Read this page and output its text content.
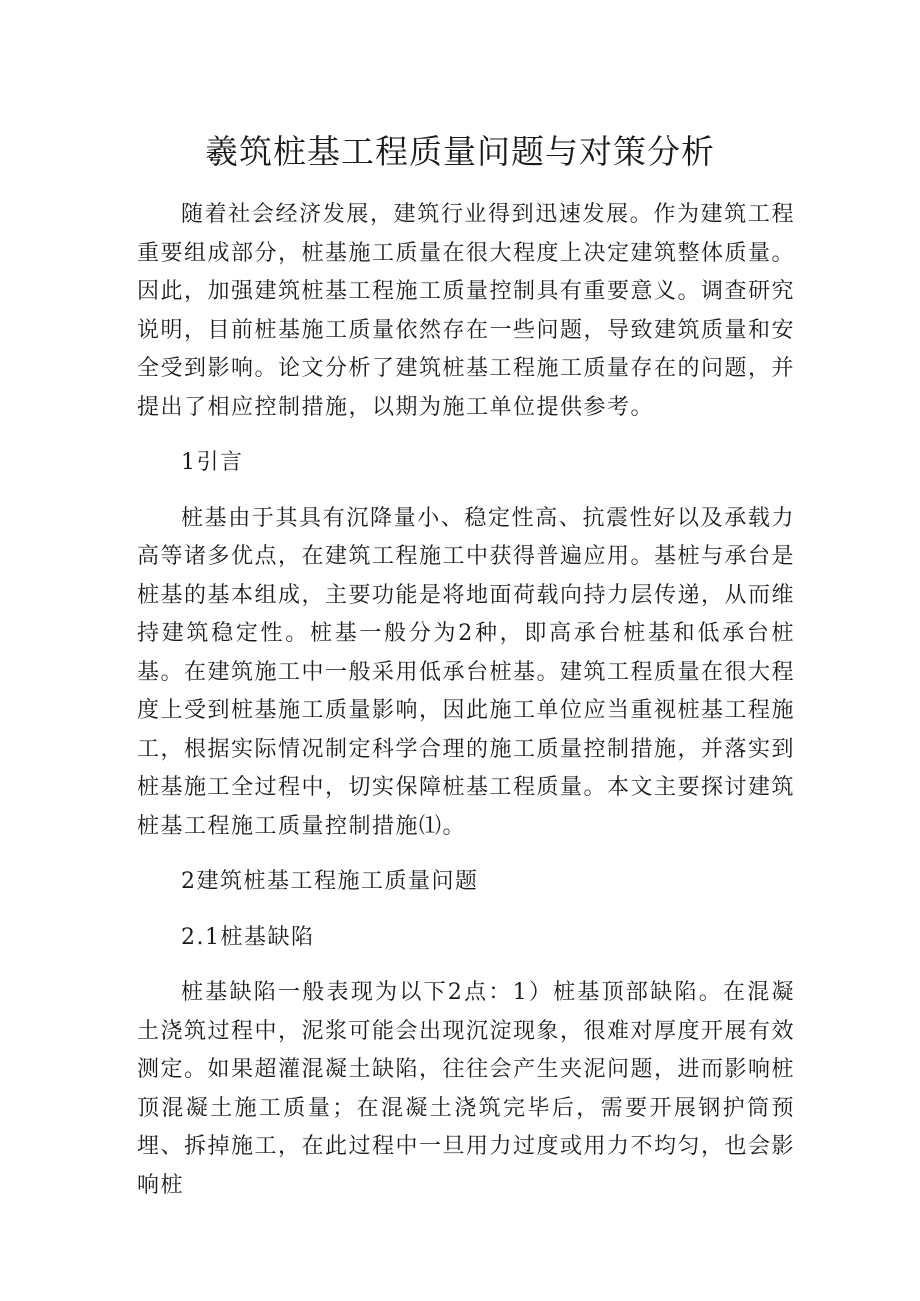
羲筑桩基工程质量问题与对策分析

随着社会经济发展，建筑行业得到迅速发展。作为建筑工程重要组成部分，桩基施工质量在很大程度上决定建筑整体质量。因此，加强建筑桩基工程施工质量控制具有重要意义。调查研究说明，目前桩基施工质量依然存在一些问题，导致建筑质量和安全受到影响。论文分析了建筑桩基工程施工质量存在的问题，并提出了相应控制措施，以期为施工单位提供参考。

1引言

桩基由于其具有沉降量小、稳定性高、抗震性好以及承载力高等诸多优点，在建筑工程施工中获得普遍应用。基桩与承台是桩基的基本组成，主要功能是将地面荷载向持力层传递，从而维持建筑稳定性。桩基一般分为2种，即高承台桩基和低承台桩基。在建筑施工中一般采用低承台桩基。建筑工程质量在很大程度上受到桩基施工质量影响，因此施工单位应当重视桩基工程施工，根据实际情况制定科学合理的施工质量控制措施，并落实到桩基施工全过程中，切实保障桩基工程质量。本文主要探讨建筑桩基工程施工质量控制措施⑴。

2建筑桩基工程施工质量问题

2.1桩基缺陷

桩基缺陷一般表现为以下2点：1）桩基顶部缺陷。在混凝土浇筑过程中，泥浆可能会出现沉淀现象，很难对厚度开展有效测定。如果超灌混凝土缺陷，往往会产生夹泥问题，进而影响桩顶混凝土施工质量；在混凝土浇筑完毕后，需要开展钢护筒预埋、拆掉施工，在此过程中一旦用力过度或用力不均匀，也会影响桩
